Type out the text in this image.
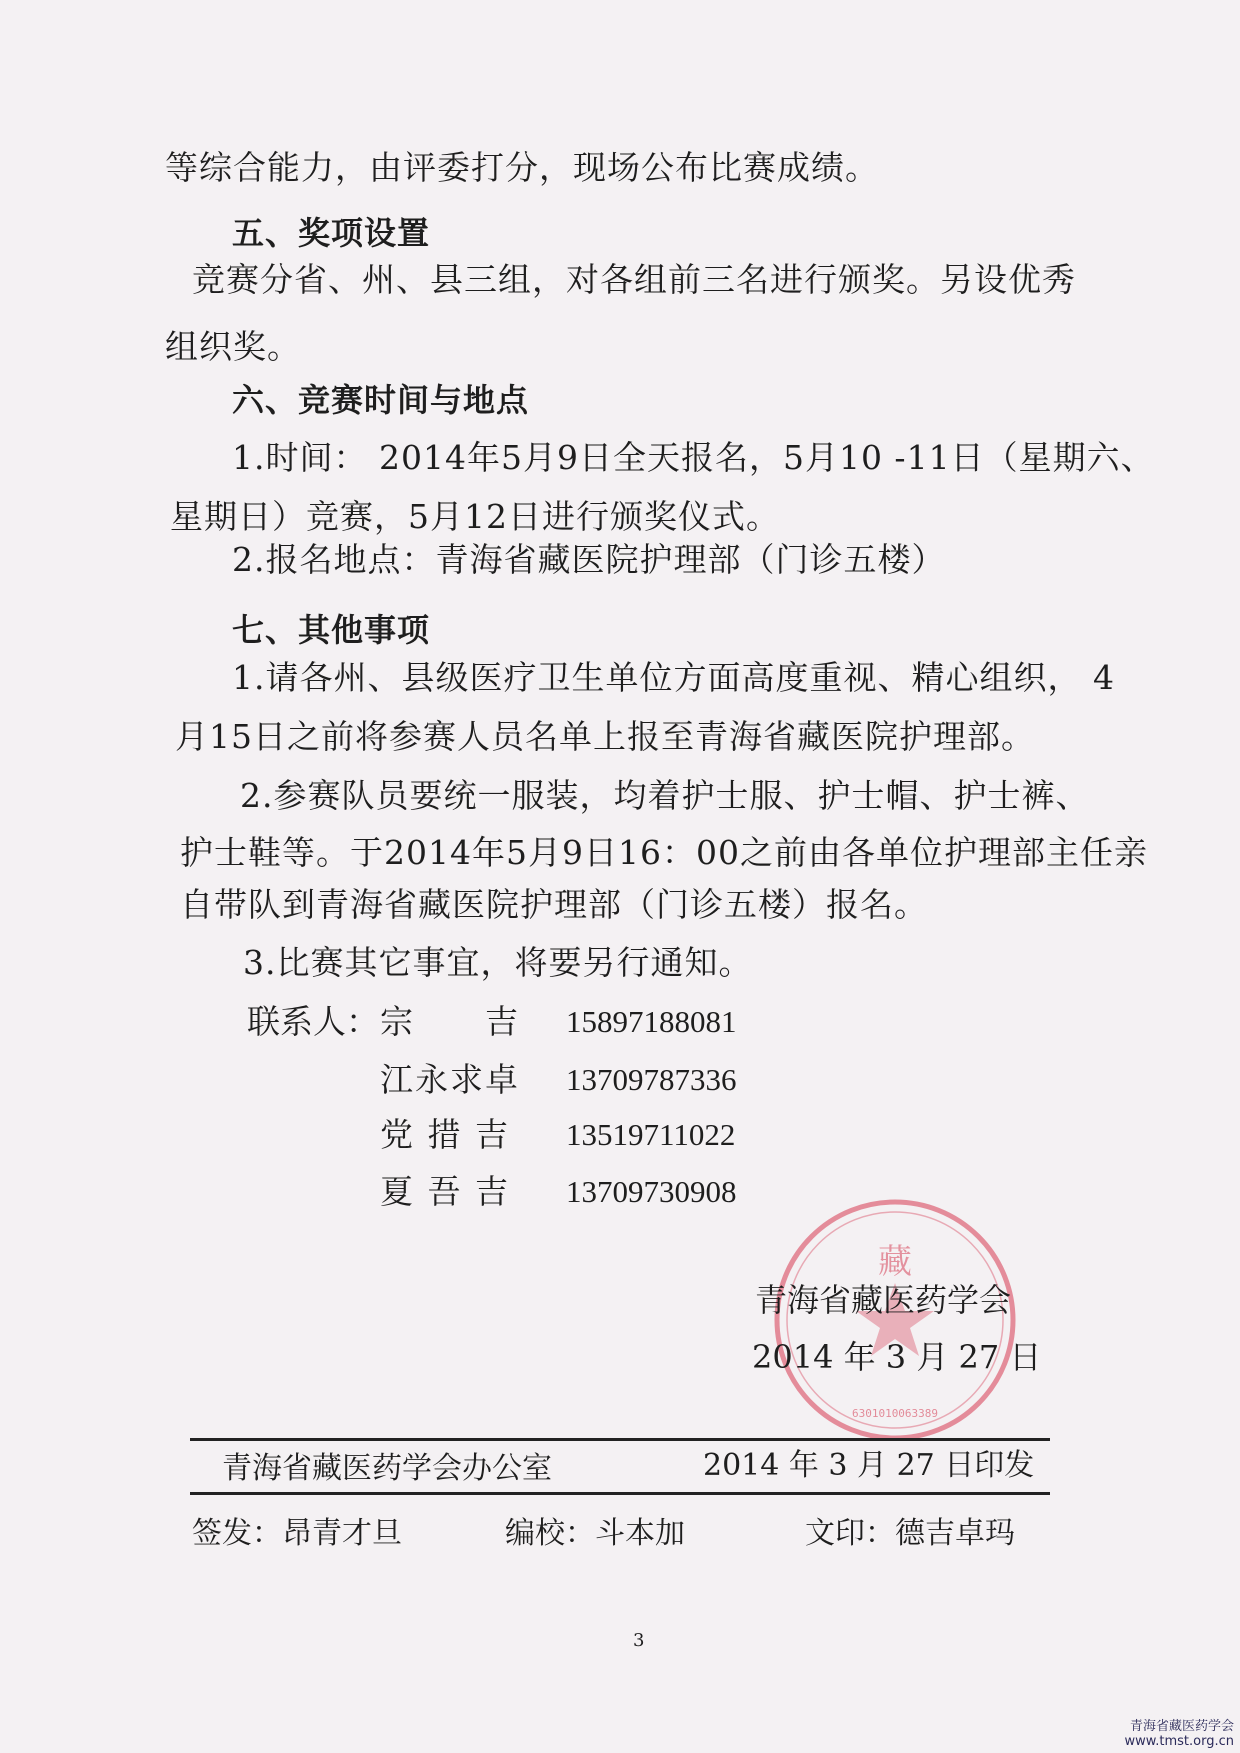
等综合能力，由评委打分，现场公布比赛成绩。
五、奖项设置
竞赛分省、州、县三组，对各组前三名进行颁奖。另设优秀
组织奖。
六、竞赛时间与地点
1.时间： 2014年5月9日全天报名，5月10 -11日（星期六、
星期日）竞赛，5月12日进行颁奖仪式。
2.报名地点：青海省藏医院护理部（门诊五楼）
七、其他事项
1.请各州、县级医疗卫生单位方面高度重视、精心组织， 4
月15日之前将参赛人员名单上报至青海省藏医院护理部。
2.参赛队员要统一服装，均着护士服、护士帽、护士裤、
护士鞋等。于2014年5月9日16：00之前由各单位护理部主任亲
自带队到青海省藏医院护理部（门诊五楼）报名。
3.比赛其它事宜，将要另行通知。
联系人： 宗　　吉 15897188081
江永求卓 13709787336
党 措 吉 13519711022
夏 吾 吉 13709730908
藏
6301010063389
青海省藏医药学会
2014 年 3 月 27 日
青海省藏医药学会办公室	2014 年 3 月 27 日印发
签发：昂青才旦	编校：斗本加	文印：德吉卓玛
3
青海省藏医药学会
www.tmst.org.cn
